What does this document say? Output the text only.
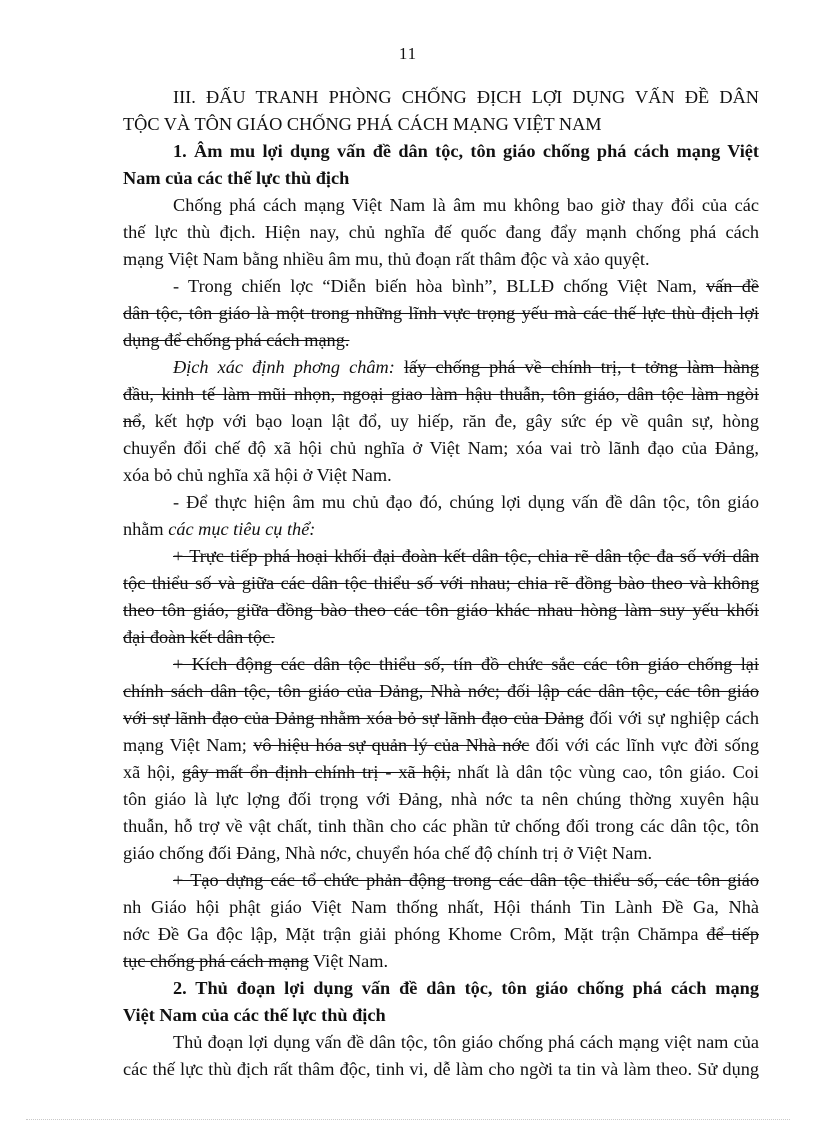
11
III. ĐẤU TRANH PHÒNG CHỐNG ĐỊCH LỢI DỤNG VẤN ĐỀ DÂN
TỘC VÀ TÔN GIÁO CHỐNG PHÁ CÁCH MẠNG VIỆT NAM
1. Âm mu lợi dụng vấn đề dân tộc, tôn giáo chống phá cách mạng Việt
Nam của các thế lực thù địch
Chống phá cách mạng Việt Nam là âm mu không bao giờ thay đổi của các
thế lực thù địch. Hiện nay, chủ nghĩa đế quốc đang đẩy mạnh chống phá cách
mạng Việt Nam bằng nhiều âm mu, thủ đoạn rất thâm độc và xảo quyệt.
- Trong chiến lợc “Diễn biến hòa bình”, BLLĐ chống Việt Nam, vấn đề
dân tộc, tôn giáo là một trong những lĩnh vực trọng yếu mà các thế lực thù địch lợi
dụng để chống phá cách mạng.
Địch xác định phơng châm: lấy chống phá về chính trị, t tởng làm hàng
đầu, kinh tế làm mũi nhọn, ngoại giao làm hậu thuẫn, tôn giáo, dân tộc làm ngòi
nổ, kết hợp với bạo loạn lật đổ, uy hiếp, răn đe, gây sức ép về quân sự, hòng
chuyển đổi chế độ xã hội chủ nghĩa ở Việt Nam; xóa vai trò lãnh đạo của Đảng,
xóa bỏ chủ nghĩa xã hội ở Việt Nam.
- Để thực hiện âm mu chủ đạo đó, chúng lợi dụng vấn đề dân tộc, tôn giáo
nhằm các mục tiêu cụ thể:
+ Trực tiếp phá hoại khối đại đoàn kết dân tộc, chia rẽ dân tộc đa số với dân
tộc thiểu số và giữa các dân tộc thiểu số với nhau; chia rẽ đồng bào theo và không
theo tôn giáo, giữa đồng bào theo các tôn giáo khác nhau hòng làm suy yếu khối
đại đoàn kết dân tộc.
+ Kích động các dân tộc thiểu số, tín đồ chức sắc các tôn giáo chống lại
chính sách dân tộc, tôn giáo của Đảng, Nhà nớc; đối lập các dân tộc, các tôn giáo
với sự lãnh đạo của Đảng nhằm xóa bỏ sự lãnh đạo của Đảng đối với sự nghiệp cách
mạng Việt Nam; vô hiệu hóa sự quản lý của Nhà nớc đối với các lĩnh vực đời sống
xã hội, gây mất ổn định chính trị - xã hội, nhất là dân tộc vùng cao, tôn giáo. Coi
tôn giáo là lực lợng đối trọng với Đảng, nhà nớc ta nên chúng thờng xuyên hậu
thuẫn, hỗ trợ về vật chất, tinh thần cho các phần tử chống đối trong các dân tộc, tôn
giáo chống đối Đảng, Nhà nớc, chuyển hóa chế độ chính trị ở Việt Nam.
+ Tạo dựng các tổ chức phản động trong các dân tộc thiểu số, các tôn giáo
nh Giáo hội phật giáo Việt Nam thống nhất, Hội thánh Tin Lành Đề Ga, Nhà
nớc Đề Ga độc lập, Mặt trận giải phóng Khome Crôm, Mặt trận Chămpa để tiếp
tục chống phá cách mạng Việt Nam.
2. Thủ đoạn lợi dụng vấn đề dân tộc, tôn giáo chống phá cách mạng
Việt Nam của các thế lực thù địch
Thủ đoạn lợi dụng vấn đề dân tộc, tôn giáo chống phá cách mạng việt nam của
các thế lực thù địch rất thâm độc, tinh vi, dễ làm cho ngời ta tin và làm theo. Sử dụng
